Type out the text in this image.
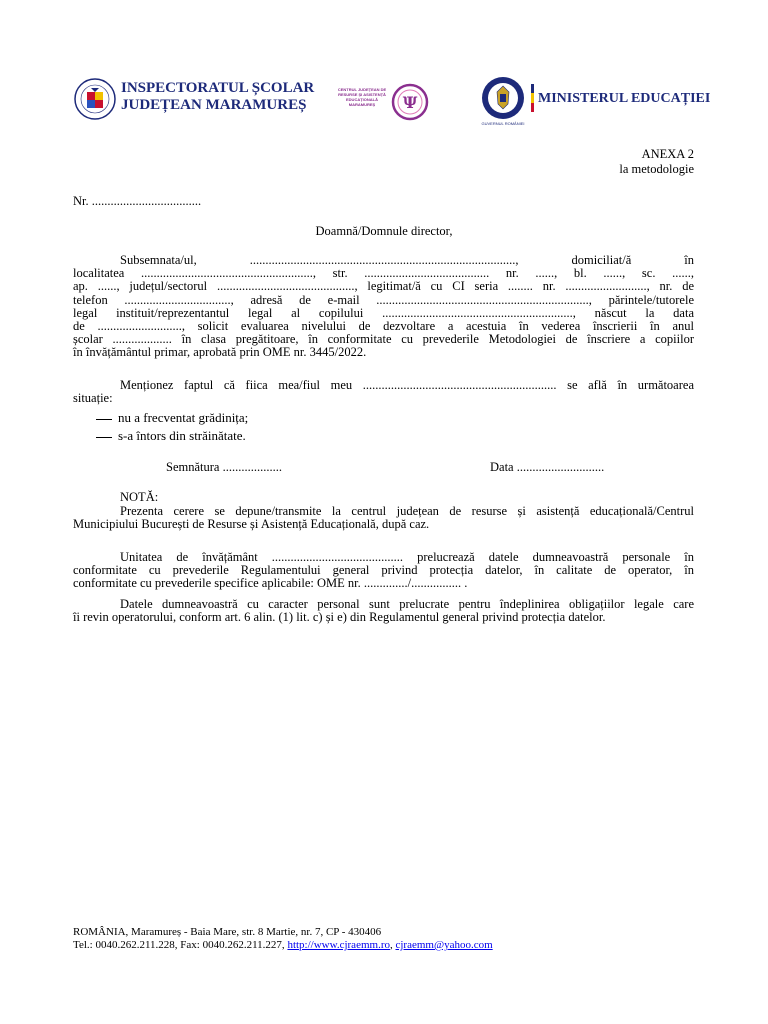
INSPECTORATUL ȘCOLAR
JUDEȚEAN MARAMUREȘ
CENTRUL JUDEȚEAN DE RESURSE ȘI ASISTENȚĂ EDUCAȚIONALĂ MARAMUREȘ	Ψ
GUVERNUL ROMÂNIEI
MINISTERUL EDUCAȚIEI
ANEXA 2
la metodologie
Nr. ...................................
Doamnă/Domnule director,
Subsemnata/ul, ....................................................................................., domiciliat/ă în
localitatea ......................................................., str. ........................................ nr. ......, bl. ......, sc. ......,
ap. ......, județul/sectorul ............................................, legitimat/ă cu CI seria ........ nr. .........................., nr. de
telefon .................................., adresă de e-mail ...................................................................., părintele/tutorele
legal instituit/reprezentantul legal al copilului ............................................................., născut la data
de ..........................., solicit evaluarea nivelului de dezvoltare a acestuia în vederea înscrierii în anul
școlar ................... în clasa pregătitoare, în conformitate cu prevederile Metodologiei de înscriere a copiilor
în învățământul primar, aprobată prin OME nr. 3445/2022.
Menționez faptul că fiica mea/fiul meu .............................................................. se află în următoarea
situație:
nu a frecventat grădinița;
s-a întors din străinătate.
Semnătura ...................	Data ............................
NOTĂ:
Prezenta cerere se depune/transmite la centrul județean de resurse și asistență educațională/Centrul
Municipiului București de Resurse și Asistență Educațională, după caz.
Unitatea de învățământ .......................................... prelucrează datele dumneavoastră personale în
conformitate cu prevederile Regulamentului general privind protecția datelor, în calitate de operator, în
conformitate cu prevederile specifice aplicabile: OME nr. ............../................ .
Datele dumneavoastră cu caracter personal sunt prelucrate pentru îndeplinirea obligațiilor legale care
îi revin operatorului, conform art. 6 alin. (1) lit. c) și e) din Regulamentul general privind protecția datelor.
ROMÂNIA, Maramureș - Baia Mare, str. 8 Martie, nr. 7, CP - 430406
Tel.: 0040.262.211.228, Fax: 0040.262.211.227, http://www.cjraemm.ro, cjraemm@yahoo.com
